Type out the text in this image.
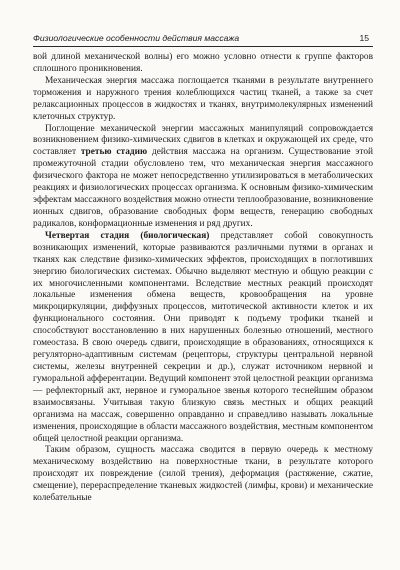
Физиологические особенности действия массажа	15

вой длиной механической волны) его можно условно отнести к группе факторов сплошного проникновения.

Механическая энергия массажа поглощается тканями в результате внутреннего торможения и наружного трения колеблющихся частиц тканей, а также за счет релаксационных процессов в жидкостях и тканях, внутримолекулярных изменений клеточных структур.

Поглощение механической энергии массажных манипуляций сопровождается возникновением физико-химических сдвигов в клетках и окружающей их среде, что составляет третью стадию действия массажа на организм. Существование этой промежуточной стадии обусловлено тем, что механическая энергия массажного физического фактора не может непосредственно утилизироваться в метаболических реакциях и физиологических процессах организма. К основным физико-химическим эффектам массажного воздействия можно отнести теплообразование, возникновение ионных сдвигов, образование свободных форм веществ, генерацию свободных радикалов, конформационные изменения и ряд других.

Четвертая стадия (биологическая) представляет собой совокупность возникающих изменений, которые развиваются различными путями в органах и тканях как следствие физико-химических эффектов, происходящих в поглотивших энергию биологических системах. Обычно выделяют местную и общую реакции с их многочисленными компонентами. Вследствие местных реакций происходят локальные изменения обмена веществ, кровообращения на уровне микроциркуляции, диффузных процессов, митотической активности клеток и их функционального состояния. Они приводят к подъему трофики тканей и способствуют восстановлению в них нарушенных болезнью отношений, местного гомеостаза. В свою очередь сдвиги, происходящие в образованиях, относящихся к регуляторно-адаптивным системам (рецепторы, структуры центральной нервной системы, железы внутренней секреции и др.), служат источником нервной и гуморальной афферентации. Ведущий компонент этой целостной реакции организма — рефлекторный акт, нервное и гуморальное звенья которого теснейшим образом взаимосвязаны. Учитывая такую близкую связь местных и общих реакций организма на массаж, совершенно оправданно и справедливо называть локальные изменения, происходящие в области массажного воздействия, местным компонентом общей целостной реакции организма.

Таким образом, сущность массажа сводится в первую очередь к местному механическому воздействию на поверхностные ткани, в результате которого происходят их повреждение (силой трения), деформация (растяжение, сжатие, смещение), перераспределение тканевых жидкостей (лимфы, крови) и механические колебательные
